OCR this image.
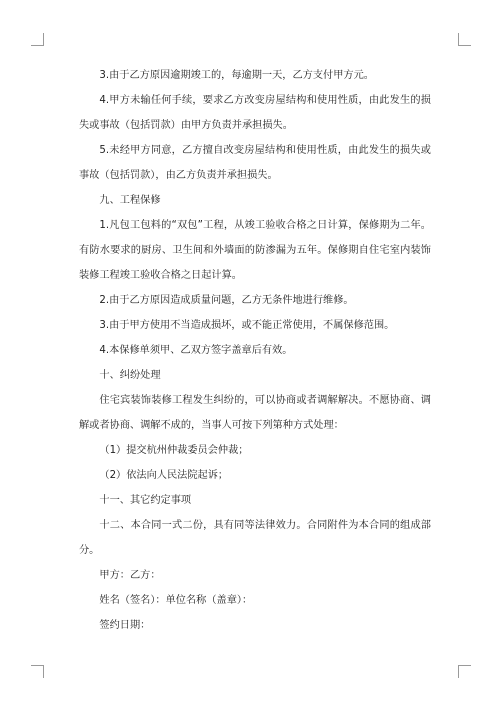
3.由于乙方原因逾期竣工的，每逾期一天，乙方支付甲方元。

4.甲方未输任何手续，要求乙方改变房屋结构和使用性质，由此发生的损失或事故（包括罚款）由甲方负责并承担损失。

5.未经甲方同意，乙方擅自改变房屋结构和使用性质，由此发生的损失或事故（包括罚款），由乙方负责并承担损失。

九、工程保修

1.凡包工包料的“双包”工程，从竣工验收合格之日计算，保修期为二年。有防水要求的厨房、卫生间和外墙面的防渗漏为五年。保修期自住宅室内装饰装修工程竣工验收合格之日起计算。

2.由于乙方原因造成质量问题，乙方无条件地进行维修。

3.由于甲方使用不当造成损坏，或不能正常使用，不属保修范围。

4.本保修单须甲、乙双方签字盖章后有效。

十、纠纷处理

住宅宾装饰装修工程发生纠纷的，可以协商或者调解解决。不愿协商、调解或者协商、调解不成的，当事人可按下列第种方式处理：

（1）提交杭州仲裁委员会仲裁；

（2）依法向人民法院起诉；

十一、其它约定事项

十二、本合同一式二份，具有同等法律效力。合同附件为本合同的组成部分。

甲方：乙方：

姓名（签名）：单位名称（盖章）：

签约日期：
